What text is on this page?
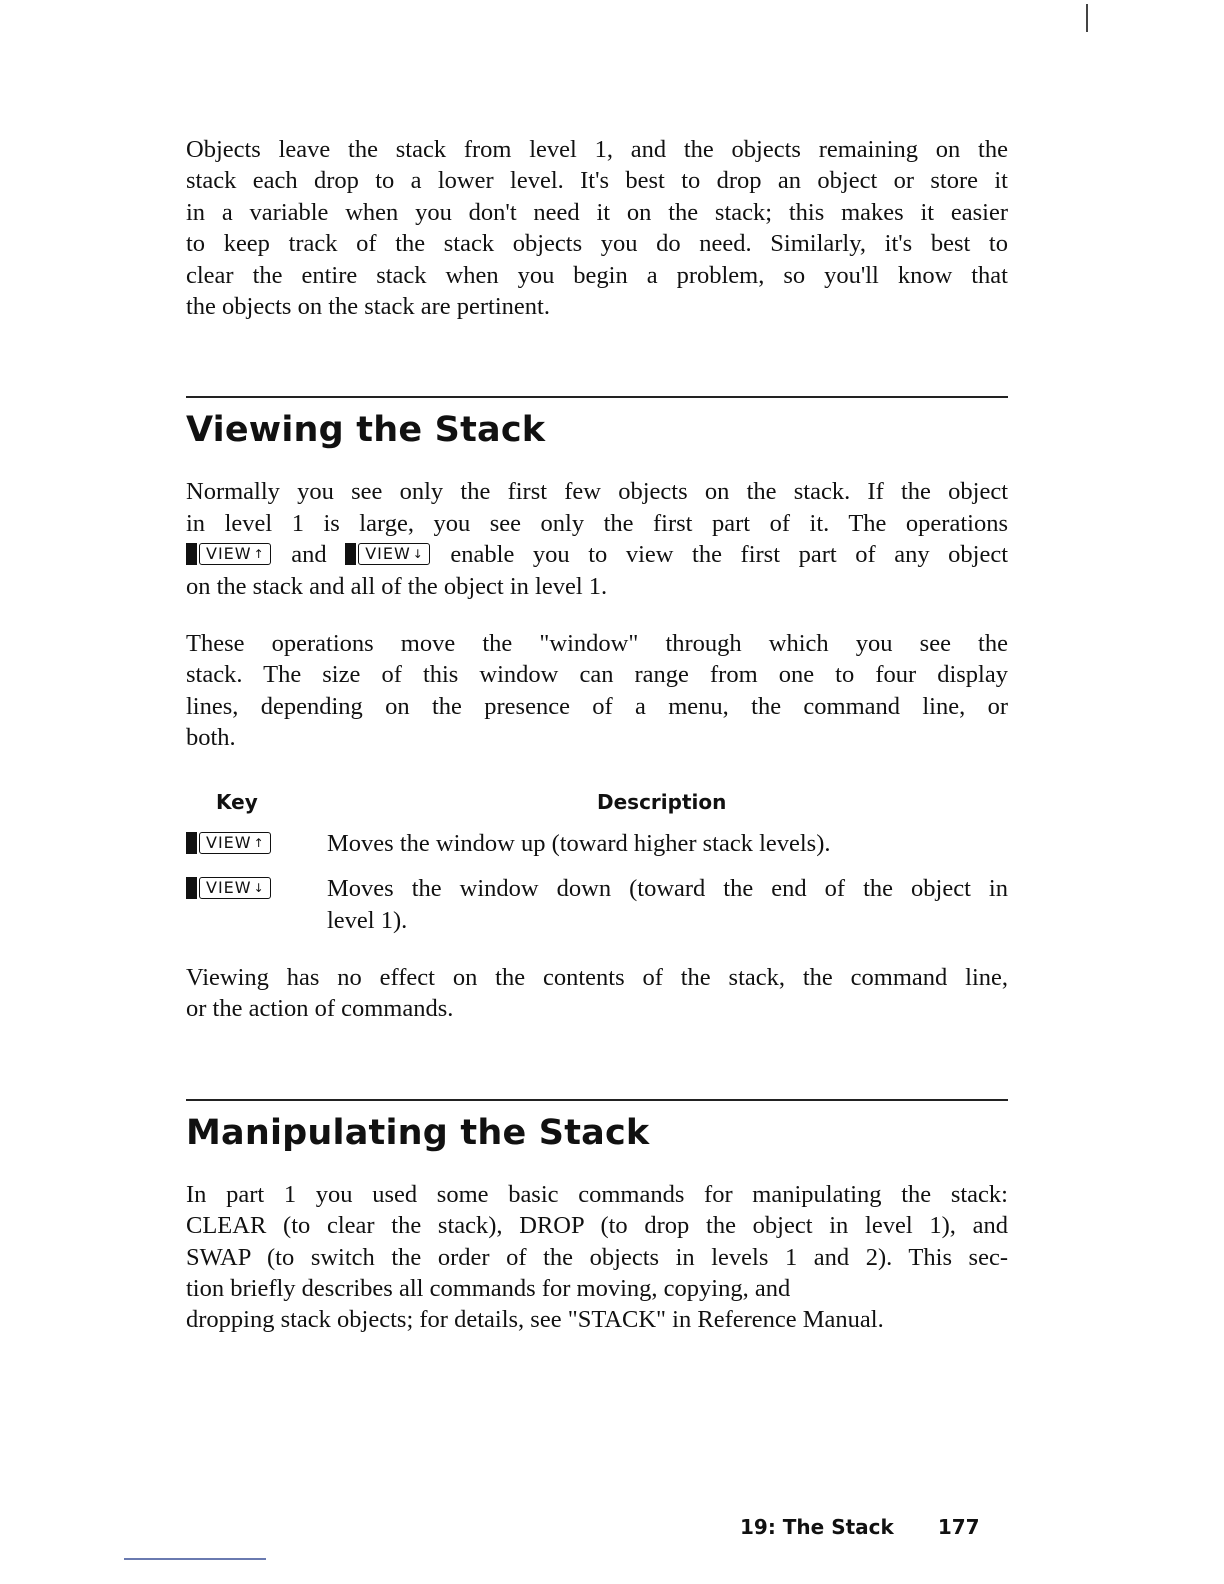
Objects leave the stack from level 1, and the objects remaining on the
stack each drop to a lower level. It's best to drop an object or store it
in a variable when you don't need it on the stack; this makes it easier
to keep track of the stack objects you do need. Similarly, it's best to
clear the entire stack when you begin a problem, so you'll know that
the objects on the stack are pertinent.

Viewing the Stack

Normally you see only the first few objects on the stack. If the object
in level 1 is large, you see only the first part of it. The operations
VIEW ↑ and VIEW ↓ enable you to view the first part of any object
on the stack and all of the object in level 1.

These operations move the "window" through which you see the
stack. The size of this window can range from one to four display
lines, depending on the presence of a menu, the command line, or
both.

Key	Description
VIEW ↑	Moves the window up (toward higher stack levels).
VIEW ↓	Moves the window down (toward the end of the object in
level 1).

Viewing has no effect on the contents of the stack, the command line,
or the action of commands.

Manipulating the Stack

In part 1 you used some basic commands for manipulating the stack:
CLEAR (to clear the stack), DROP (to drop the object in level 1), and
SWAP (to switch the order of the objects in levels 1 and 2). This sec-
tion briefly describes all commands for moving, copying, and
dropping stack objects; for details, see "STACK" in Reference Manual.

19: The Stack 177
